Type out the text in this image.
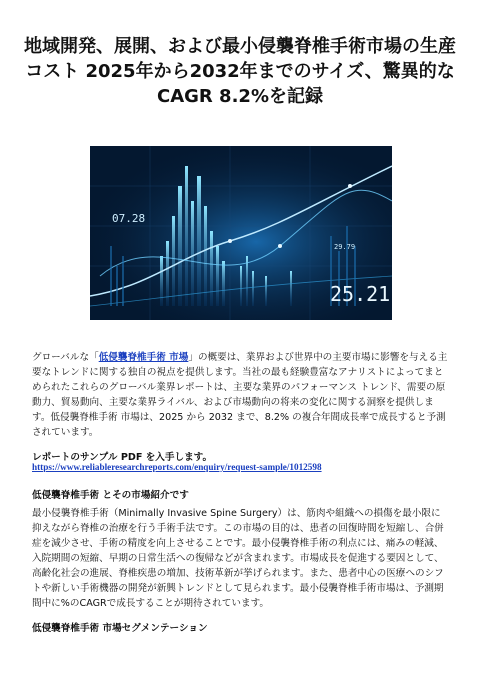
地域開発、展開、および最小侵襲脊椎手術市場の生産コスト 2025年から2032年までのサイズ、驚異的なCAGR 8.2%を記録
07.28
29.79
25.21
グローバルな「低侵襲脊椎手術 市場」の概要は、業界および世界中の主要市場に影響を与える主要なトレンドに関する独自の視点を提供します。当社の最も経験豊富なアナリストによってまとめられたこれらのグローバル業界レポートは、主要な業界のパフォーマンス トレンド、需要の原動力、貿易動向、主要な業界ライバル、および市場動向の将来の変化に関する洞察を提供します。低侵襲脊椎手術 市場は、2025 から 2032 まで、8.2% の複合年間成長率で成長すると予測されています。
レポートのサンプル PDF を入手します。
https://www.reliableresearchreports.com/enquiry/request-sample/1012598
低侵襲脊椎手術 とその市場紹介です
最小侵襲脊椎手術（Minimally Invasive Spine Surgery）は、筋肉や組織への損傷を最小限に抑えながら脊椎の治療を行う手術手法です。この市場の目的は、患者の回復時間を短縮し、合併症を減少させ、手術の精度を向上させることです。最小侵襲脊椎手術の利点には、痛みの軽減、入院期間の短縮、早期の日常生活への復帰などが含まれます。市場成長を促進する要因として、高齢化社会の進展、脊椎疾患の増加、技術革新が挙げられます。また、患者中心の医療へのシフトや新しい手術機器の開発が新興トレンドとして見られます。最小侵襲脊椎手術市場は、予測期間中に%のCAGRで成長することが期待されています。
低侵襲脊椎手術 市場セグメンテーション
